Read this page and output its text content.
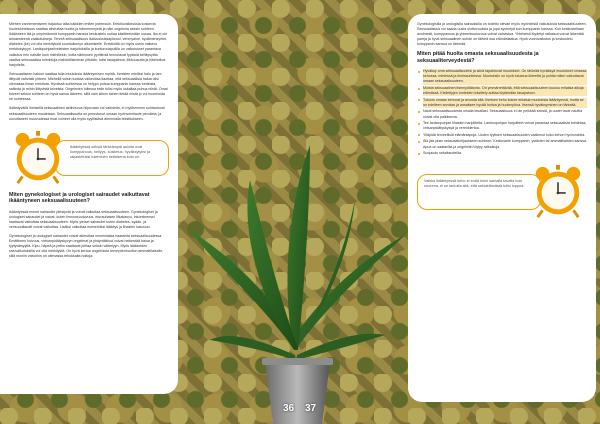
Miehen vanhenemiseen hajautuu aika kaikkien eniten potenssin. Erektiovaikeuksia koskevia huolestuneisuus saattaa aiheuttaa huolta ja hämmennystä ja näin ongelmia seksin suhteen. Ikäänneen ikä ja umpimämmä kumppanin hanssa keskustelu uutiaa käsitteelmään uusaa. Ika ei ole annaesteenä vaakutukseja. Terveä seksuaalisuus ikaivuuksissapkeusi, venmyaine, sydämensyntet, diabetes (ke) voi olla merkityksiä suuntuikunyn alkamiselle. Erektioiltä on myös usein vaikeus erektiokykyyn. Lantiopohjaeliveleisten harjoituksilla ja kuntoruuapulilla on vaikutukset parantava vaikutus erin naisille kuin miehillekin, kotta näihinnen pyrittimiä tennutavat fyysisiä kehitysyitta vaativa seksuaalisia toimintoja mahdollisimman pitkään, tulisi tasapainoa, liikkuuautta ja liikehoitoa harjoitella.

Seksuaaliseen haluun saattaa tulla muutoksia ikääntymisen myötä. Ihmisten mieliksi halu ja tarv ilittyvät vahvasti yhteen. Miehellä voisin tuottaa vaikeutisa tiaottaa, että seksuaalisia halua olisi olemassa ilman erektiota. Hyvässä suhteessa on helppo puhua kumppanin kanssa tunteista, salkista ja reihin liittyvistä toiveista. Ongelmien tullessa esiin tulisi myös uskaltaa puhua niistä. Omat toiveet seksin suhteen on hyvä sanoa ääneen, sillä vain silloin toinen tietää mistä jo voi huomioida ne suhteessa.

Ikääntyvällä ihmisellä seksuaalinen aktiivisuus hiipuvaan voi vaihdella, ei myöhemmin suhtautuvat seksuaalisuuteen muutetaan. Seksuaalisuutta on perustunut omaan hyvinvointiaole peroileta, ja uuvuttaneet muovudessa enat voineet olla myös syyllistävä aiemmalla tekstitukseen.

Ikääntyessä seksiä tärkeämpiä asioita ovat kumppanuus, hellyys, kosketus, hyväksytyksi ja rakastetuksi tuleminen sellaisena kuin on.
Miten gynekologiset ja urologiset sairaudet vaikuttavat ikääntyneen seksuaalisuuteen?

Ikääntyessä monet sairaudet yleistyvät ja voivat vaikuttaa seksuaalisuuteen. Gynekologiset ja urologiset sairaudet ja vaivat, kuten limoonsuutuvuus, eturauhasen liikakasvu, inkontinenssi saattavat vaikuttaa seksuaalisuuteen. Myös yleiset sairaudet kuten diabetes, sydän- ja verisuonitaudit voivat vaikuttaa. Lisäksi vaikuttaa esimerkiksi lääkitys ja lihasten kasvuun.

Gynekologiset ja urologiset sairaudet voivat aiheuttaa monenlaisia haasteita seksuaalisuudessa. Emättimen kuivuus, virtsanpidätyskyvyn ongelmat ja yhdyntäkivut voivat heikentää halua ja tyytyväisyyttä. Kipu, häpeä ja pelko saattavat johtaa seksin välttelyyn. Myös lääkkeiden sivuvaikutuksilla voi olla merkitystä. On hyvä kertoa ongelmista terveydenhuollon ammattilaiselle, sillä moniin vaivoihin on olemassa tehokkaita hoitoja.

Gynekologisilla ja urologisilla sairauksilla on todettu olevan myös myönteisiä vaikutuksia seksuaalisuuteen. Seksuaalisuus voi saada uusia ulottuvuuksia ja jopa syventyä kun kumppanin kanssa. Kun keskustellaan avoimesti, kumppanuus ja yhteenkuuluvuus voivat vahvistua. Yhteisesti löydetyt ratkaisut voivat lähentää pareja ja hyvä seksuaalinen suhde on tärkeä osa elämänlaatua. Hyvä vuorovaikutus ja keskustelu kumppanin kanssa on tärkeää.

Miten pitää huolta omasta seksuaalisuudesta ja seksuaaliterveydestä?
Hyväksy oma seksuaalisuutesi ja siinä tapahtuvat muutokset. On tärkeää hyväksyä muutokset omassa kehossa, mielessä ja ihmissuhteissa. Muutoksiin on hyvä tutustua kiireettä ja pohtia miten vaikuttavat omaan seksuaalisuuteen.
Muista seksuaalinen itsemyötätunto. On ymmärrettävää, että seksuaalisuuteen kuuluu erilaisia aikoja elämässä. Kiellettyjen tunteiden käsittely auttaa löytämään tasapainon.
Tutustu omaan kehoosi ja arvosta sitä. Ihmisen keho kokee erilaisia muutoksia ikääntyessä, mutta se on edelleen arvokas ja ansaitsee hyvää hoitoa ja huolenpitoa. Itsensä hyväksyminen on tärkeää.
Nauti seksuaalisuudesta omalla tavallasi. Seksuaalisuus ei ole pelkkää seksiä, ja uudet tavat nauttia voivat olla palkitsevia.
Tee lantionpohjan lihasten harjoitteita. Lantionpohjan harjoitteet voivat parantaa seksuaalista toimintaa, virtsanpidätyskykyä ja verenkiertoa.
Ylläpidä terveellisiä elämäntapoja. Uuden tyylisen seksuaalisuuden vaalinnut koko kehon hyvinvointia.
Älä jää yksin seksuaaliohjaukseen suhteen. Keskustele kumppanin, ystävien tai ammattilaisten kanssa. Apua on saatavilla ja ongelmiin löytyy ratkaisuja.
Suojaudu seksitaudeilta.
Vaikka ikääntyessä keho ei enää toimi samalla tavalla kuin nuorena, ei se tarkoita sitä, että seksielämästä tulisi loppua.
36 37
